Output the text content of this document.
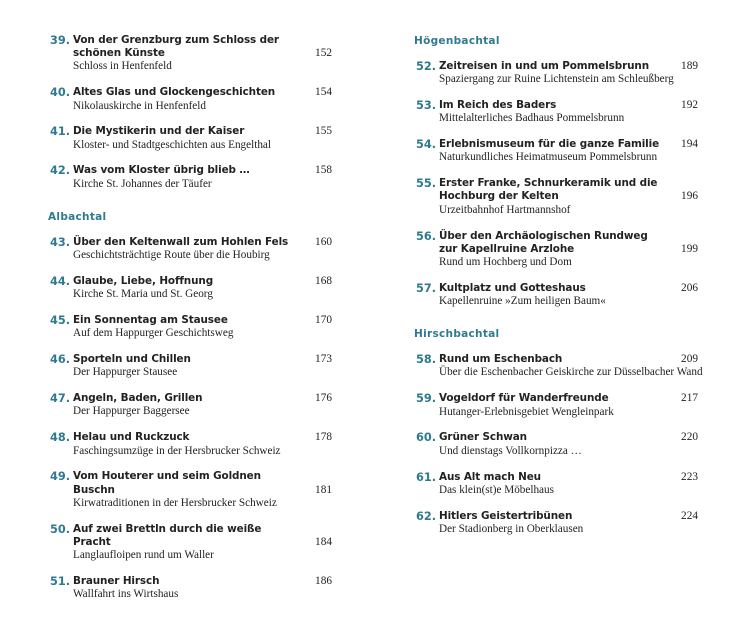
39. Von der Grenzburg zum Schloss der schönen Künste
Schloss in Henfenfeld
152
40. Altes Glas und Glockengeschichten
Nikolauskirche in Henfenfeld
154
41. Die Mystikerin und der Kaiser
Kloster- und Stadtgeschichten aus Engelthal
155
42. Was vom Kloster übrig blieb …
Kirche St. Johannes der Täufer
158
Albachtal
43. Über den Keltenwall zum Hohlen Fels
Geschichtsträchtige Route über die Houbirg
160
44. Glaube, Liebe, Hoffnung
Kirche St. Maria und St. Georg
168
45. Ein Sonnentag am Stausee
Auf dem Happurger Geschichtsweg
170
46. Sporteln und Chillen
Der Happurger Stausee
173
47. Angeln, Baden, Grillen
Der Happurger Baggersee
176
48. Helau und Ruckzuck
Faschingsumzüge in der Hersbrucker Schweiz
178
49. Vom Houterer und seim Goldnen Buschn
Kirwatraditionen in der Hersbrucker Schweiz
181
50. Auf zwei Brettln durch die weiße Pracht
Langlaufloipen rund um Waller
184
51. Brauner Hirsch
Wallfahrt ins Wirtshaus
186
Högenbachtal
52. Zeitreisen in und um Pommelsbrunn
Spaziergang zur Ruine Lichtenstein am Schleußberg
189
53. Im Reich des Baders
Mittelalterliches Badhaus Pommelsbrunn
192
54. Erlebnismuseum für die ganze Familie
Naturkundliches Heimatmuseum Pommelsbrunn
194
55. Erster Franke, Schnurkeramik und die Hochburg der Kelten
Urzeitbahnhof Hartmannshof
196
56. Über den Archäologischen Rundweg zur Kapellruine Arzlohe
Rund um Hochberg und Dom
199
57. Kultplatz und Gotteshaus
Kapellenruine »Zum heiligen Baum«
206
Hirschbachtal
58. Rund um Eschenbach
Über die Eschenbacher Geiskirche zur Düsselbacher Wand
209
59. Vogeldorf für Wanderfreunde
Hutanger-Erlebnisgebiet Wengleinpark
217
60. Grüner Schwan
Und dienstags Vollkornpizza …
220
61. Aus Alt mach Neu
Das klein(st)e Möbelhaus
223
62. Hitlers Geistertribünen
Der Stadionberg in Oberklausen
224
